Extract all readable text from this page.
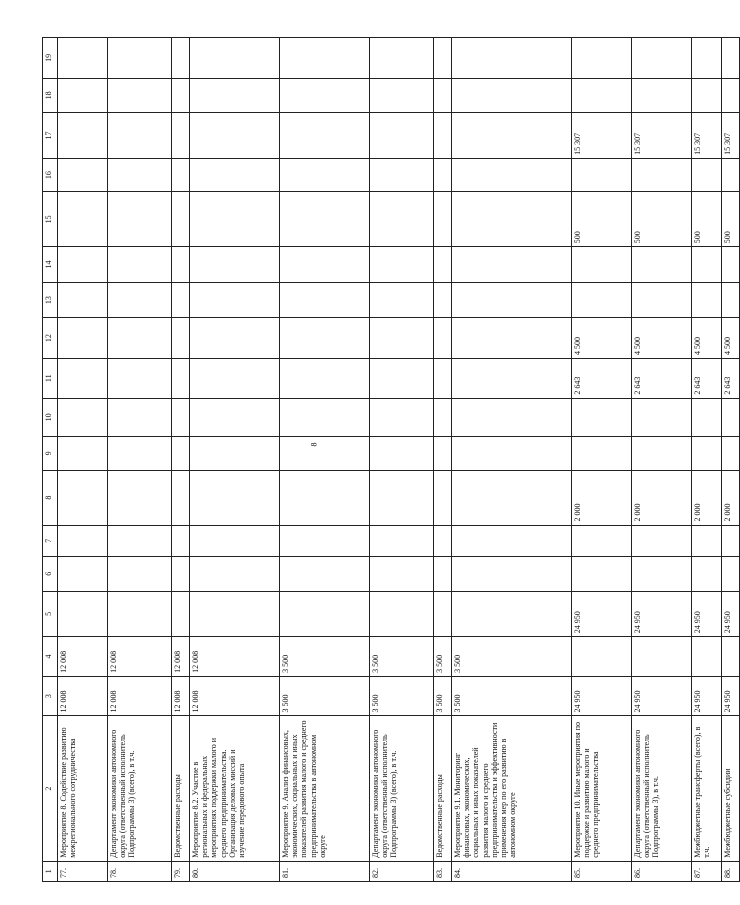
8
1	2	3	4	5	6	7	8	9	10	11	12	13	14	15	16	17	18	19
77.	Мероприятие 8. Содействие развитию межрегионального сотрудничества	12 008	12 008															
78.	Департамент экономики автономного округа (ответственный исполнитель Подпрограммы 3) (всего), в т.ч.	12 008	12 008															
79.	Ведомственные расходы	12 008	12 008															
80.	Мероприятие 8.2. Участие в региональных и федеральных мероприятиях поддержки малого и среднего предпринимательства. Организация деловых миссий и изучение передового опыта	12 008	12 008															
81.	Мероприятие 9. Анализ финансовых, экономических, социальных и иных показателей развития малого и среднего предпринимательства в автономном округе	3 500	3 500															
82.	Департамент экономики автономного округа (ответственный исполнитель Подпрограммы 3) (всего), в т.ч.	3 500	3 500															
83.	Ведомственные расходы	3 500	3 500															
84.	Мероприятие 9.1. Мониторинг финансовых, экономических, социальных и иных показателей развития малого и среднего предпринимательства и эффективности применения мер по его развитию в автономном округе	3 500	3 500															
85.	Мероприятие 10. Иные мероприятия по поддержке и развитию малого и среднего предпринимательства	24 950		24 950			2 000			2 643	4 500			500		15 307		
86.	Департамент экономики автономного округа (ответственный исполнитель Подпрограммы 3), в т.ч.	24 950		24 950			2 000			2 643	4 500			500		15 307		
87.	Межбюджетные трансферты (всего), в т.ч.	24 950		24 950			2 000			2 643	4 500			500		15 307		
88.	Межбюджетные субсидии	24 950		24 950			2 000			2 643	4 500			500		15 307		
